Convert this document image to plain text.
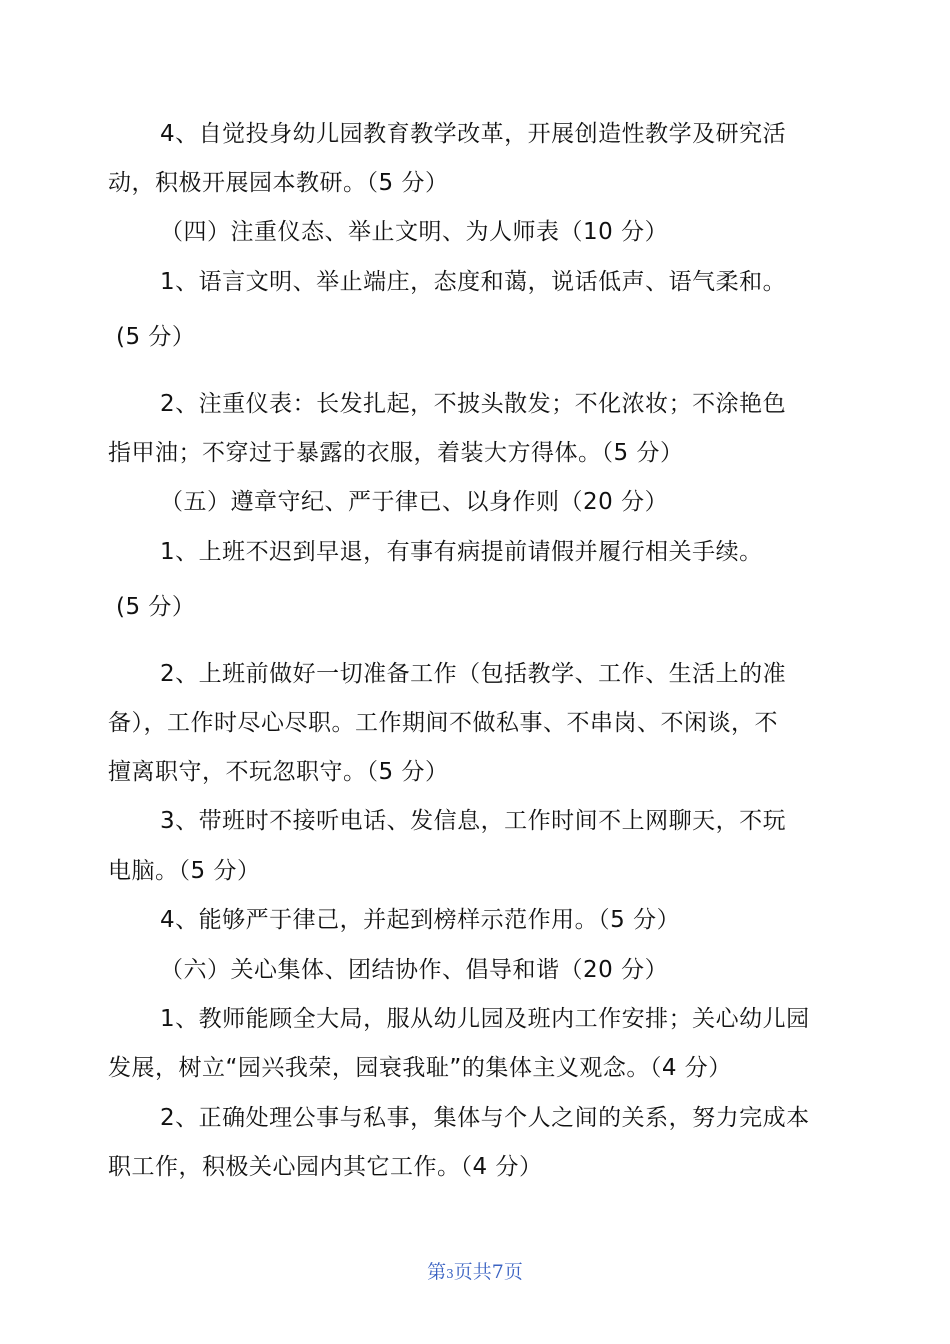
4、自觉投身幼儿园教育教学改革，开展创造性教学及研究活
动，积极开展园本教研。（5 分）
（四）注重仪态、举止文明、为人师表（10 分）
1、语言文明、举止端庄，态度和蔼，说话低声、语气柔和。
(5 分）
2、注重仪表：长发扎起，不披头散发；不化浓妆；不涂艳色
指甲油；不穿过于暴露的衣服，着装大方得体。（5 分）
（五）遵章守纪、严于律已、以身作则（20 分）
1、上班不迟到早退，有事有病提前请假并履行相关手续。
(5 分）
2、上班前做好一切准备工作（包括教学、工作、生活上的准
备），工作时尽心尽职。工作期间不做私事、不串岗、不闲谈，不
擅离职守，不玩忽职守。（5 分）
3、带班时不接听电话、发信息，工作时间不上网聊天，不玩
电脑。（5 分）
4、能够严于律己，并起到榜样示范作用。（5 分）
（六）关心集体、团结协作、倡导和谐（20 分）
1、教师能顾全大局，服从幼儿园及班内工作安排；关心幼儿园
发展，树立“园兴我荣，园衰我耻”的集体主义观念。（4 分）
2、正确处理公事与私事，集体与个人之间的关系，努力完成本
职工作，积极关心园内其它工作。（4 分）
第3页共7页
